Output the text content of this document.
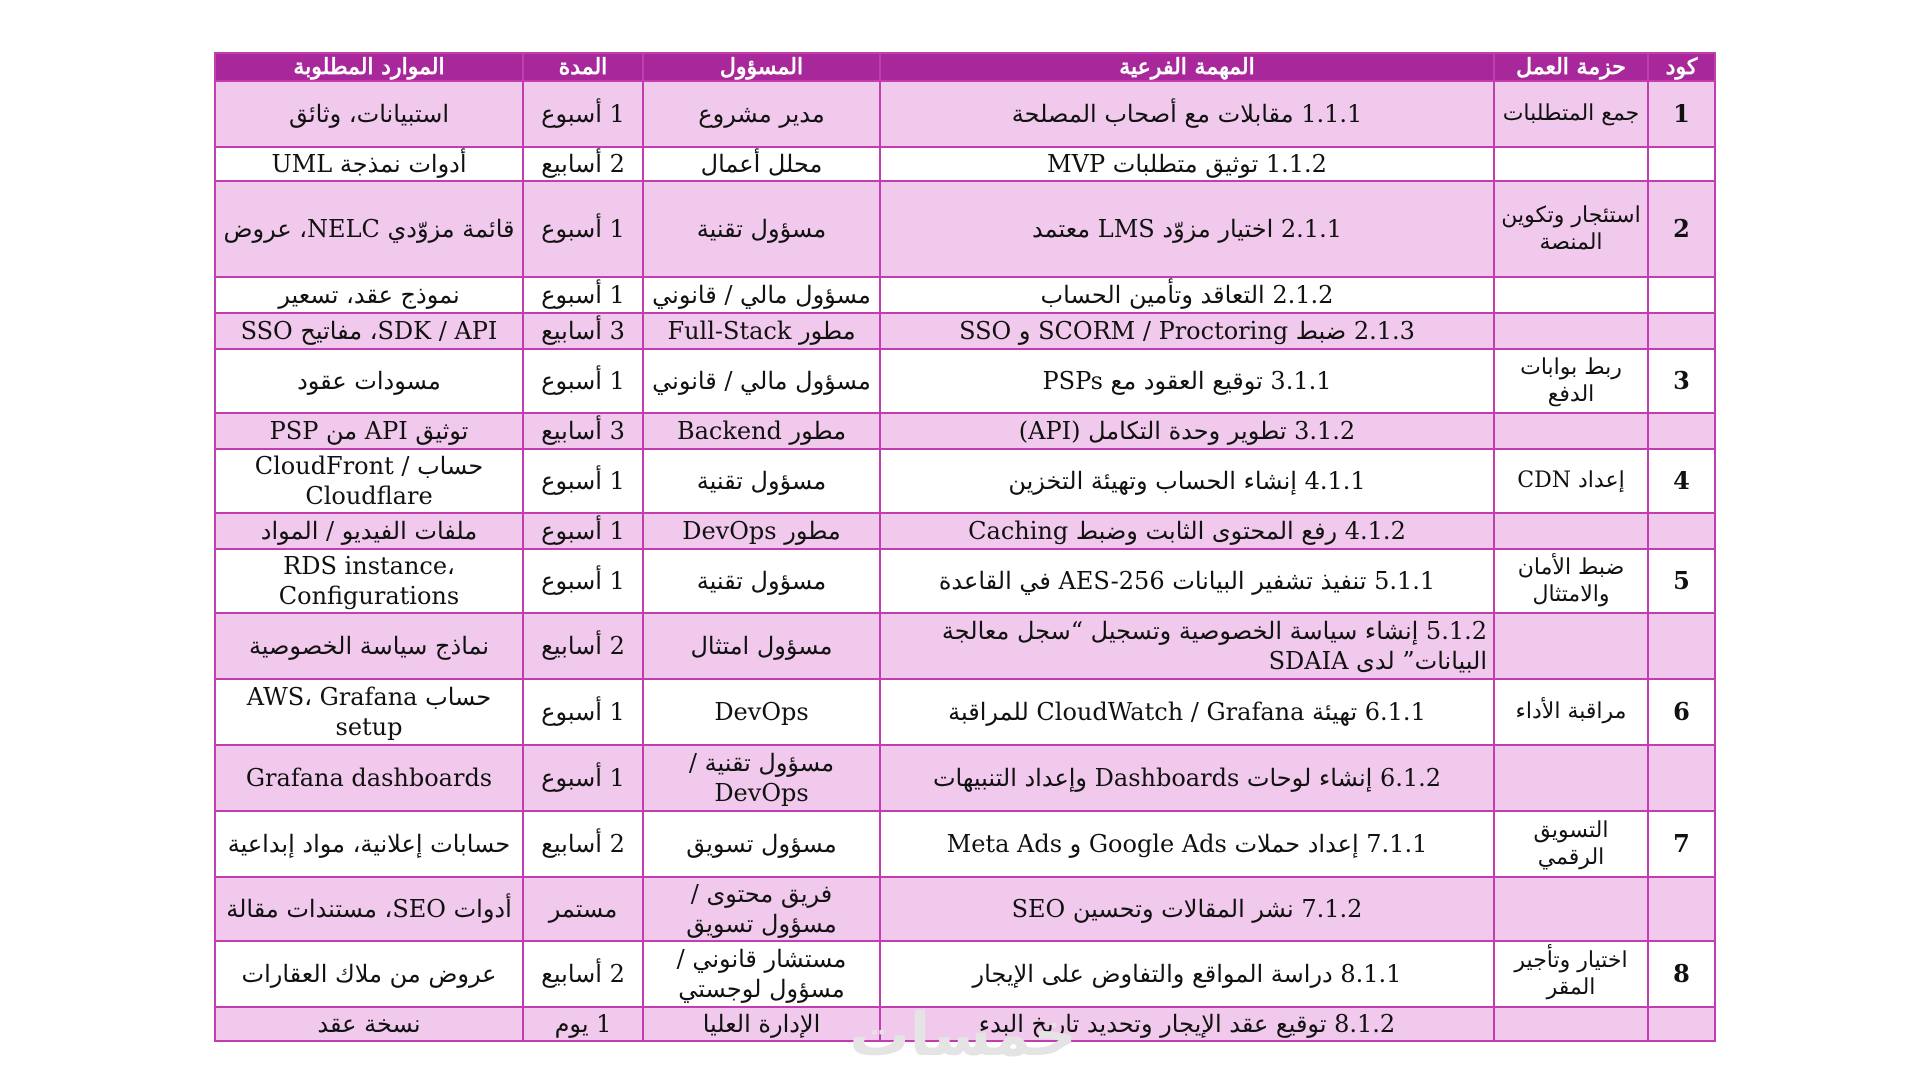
كود	حزمة العمل	المهمة الفرعية	المسؤول	المدة	الموارد المطلوبة
1	جمع المتطلبات	1.1.1 مقابلات مع أصحاب المصلحة	مدير مشروع	1 أسبوع	استبيانات، وثائق
		1.1.2 توثيق متطلبات MVP	محلل أعمال	2 أسابيع	أدوات نمذجة UML
2	استئجار وتكوين المنصة	2.1.1 اختيار مزوّد LMS معتمد	مسؤول تقنية	1 أسبوع	قائمة مزوّدي NELC، عروض
		2.1.2 التعاقد وتأمين الحساب	مسؤول مالي / قانوني	1 أسبوع	نموذج عقد، تسعير
		2.1.3 ضبط SCORM / Proctoring و SSO	مطور Full-Stack	3 أسابيع	SDK / API، مفاتيح SSO
3	ربط بوابات الدفع	3.1.1 توقيع العقود مع PSPs	مسؤول مالي / قانوني	1 أسبوع	مسودات عقود
		3.1.2 تطوير وحدة التكامل (API)	مطور Backend	3 أسابيع	توثيق API من PSP
4	إعداد CDN	4.1.1 إنشاء الحساب وتهيئة التخزين	مسؤول تقنية	1 أسبوع	حساب CloudFront / Cloudflare
		4.1.2 رفع المحتوى الثابت وضبط Caching	مطور DevOps	1 أسبوع	ملفات الفيديو / المواد
5	ضبط الأمان والامتثال	5.1.1 تنفيذ تشفير البيانات AES-256 في القاعدة	مسؤول تقنية	1 أسبوع	RDS instance، Configurations
		5.1.2 إنشاء سياسة الخصوصية وتسجيل “سجل معالجة البيانات” لدى SDAIA	مسؤول امتثال	2 أسابيع	نماذج سياسة الخصوصية
6	مراقبة الأداء	6.1.1 تهيئة CloudWatch / Grafana للمراقبة	DevOps	1 أسبوع	حساب AWS، Grafana setup
		6.1.2 إنشاء لوحات Dashboards وإعداد التنبيهات	مسؤول تقنية / DevOps	1 أسبوع	Grafana dashboards
7	التسويق الرقمي	7.1.1 إعداد حملات Google Ads و Meta Ads	مسؤول تسويق	2 أسابيع	حسابات إعلانية، مواد إبداعية
		7.1.2 نشر المقالات وتحسين SEO	فريق محتوى / مسؤول تسويق	مستمر	أدوات SEO، مستندات مقالة
8	اختيار وتأجير المقر	8.1.1 دراسة المواقع والتفاوض على الإيجار	مستشار قانوني / مسؤول لوجستي	2 أسابيع	عروض من ملاك العقارات
		8.1.2 توقيع عقد الإيجار وتحديد تاريخ البدء	الإدارة العليا	1 يوم	نسخة عقد	خمسات
